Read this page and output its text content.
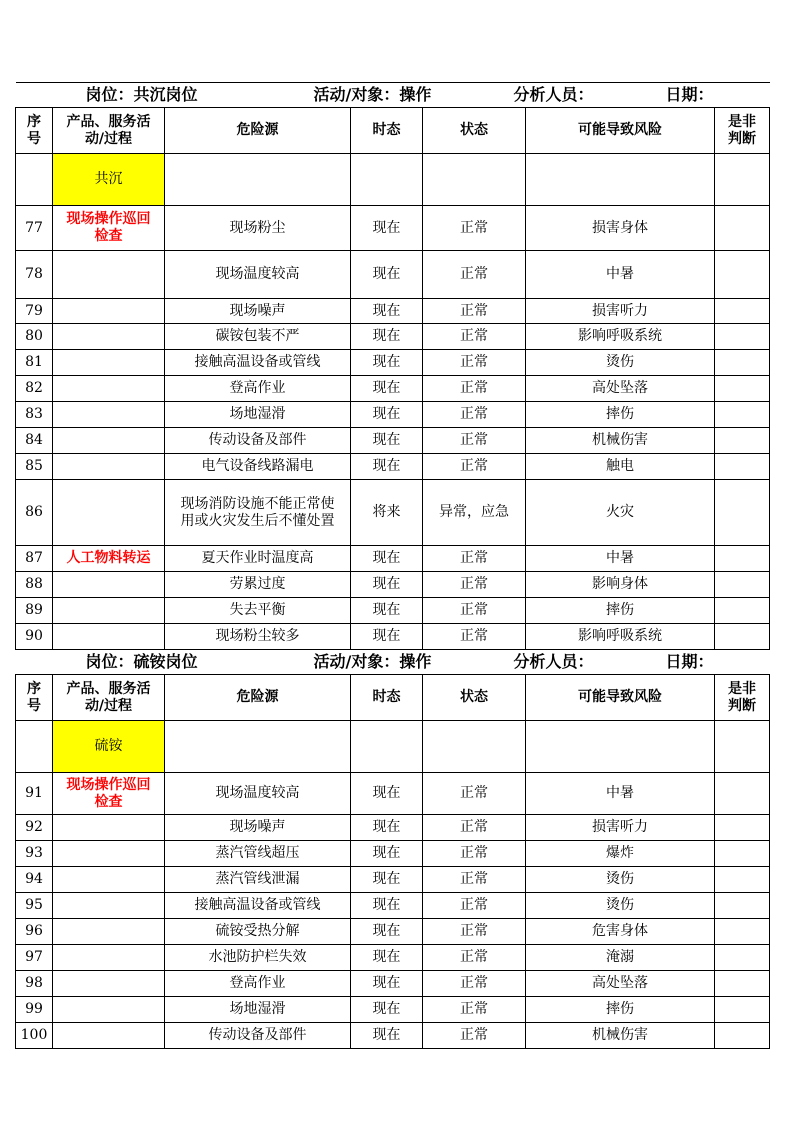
岗位：共沉岗位 活动/对象：操作 分析人员： 日期：						

序
号	产品、服务活
动/过程	危险源	时态	状态	可能导致风险	是非
判断
	共沉					
77	现场操作巡回
检查	现场粉尘	现在	正常	损害身体	
78		现场温度较高	现在	正常	中暑	
79		现场噪声	现在	正常	损害听力	
80		碳铵包装不严	现在	正常	影响呼吸系统	
81		接触高温设备或管线	现在	正常	烫伤	
82		登高作业	现在	正常	高处坠落	
83		场地湿滑	现在	正常	摔伤	
84		传动设备及部件	现在	正常	机械伤害	
85		电气设备线路漏电	现在	正常	触电	
86		现场消防设施不能正常使
用或火灾发生后不懂处置	将来	异常，应急	火灾	
87	人工物料转运	夏天作业时温度高	现在	正常	中暑	
88		劳累过度	现在	正常	影响身体	
89		失去平衡	现在	正常	摔伤	
90		现场粉尘较多	现在	正常	影响呼吸系统	

岗位：硫铵岗位 活动/对象：操作 分析人员： 日期：						

序
号	产品、服务活
动/过程	危险源	时态	状态	可能导致风险	是非
判断
	硫铵					
91	现场操作巡回
检查	现场温度较高	现在	正常	中暑	
92		现场噪声	现在	正常	损害听力	
93		蒸汽管线超压	现在	正常	爆炸	
94		蒸汽管线泄漏	现在	正常	烫伤	
95		接触高温设备或管线	现在	正常	烫伤	
96		硫铵受热分解	现在	正常	危害身体	
97		水池防护栏失效	现在	正常	淹溺	
98		登高作业	现在	正常	高处坠落	
99		场地湿滑	现在	正常	摔伤	
100		传动设备及部件	现在	正常	机械伤害	
